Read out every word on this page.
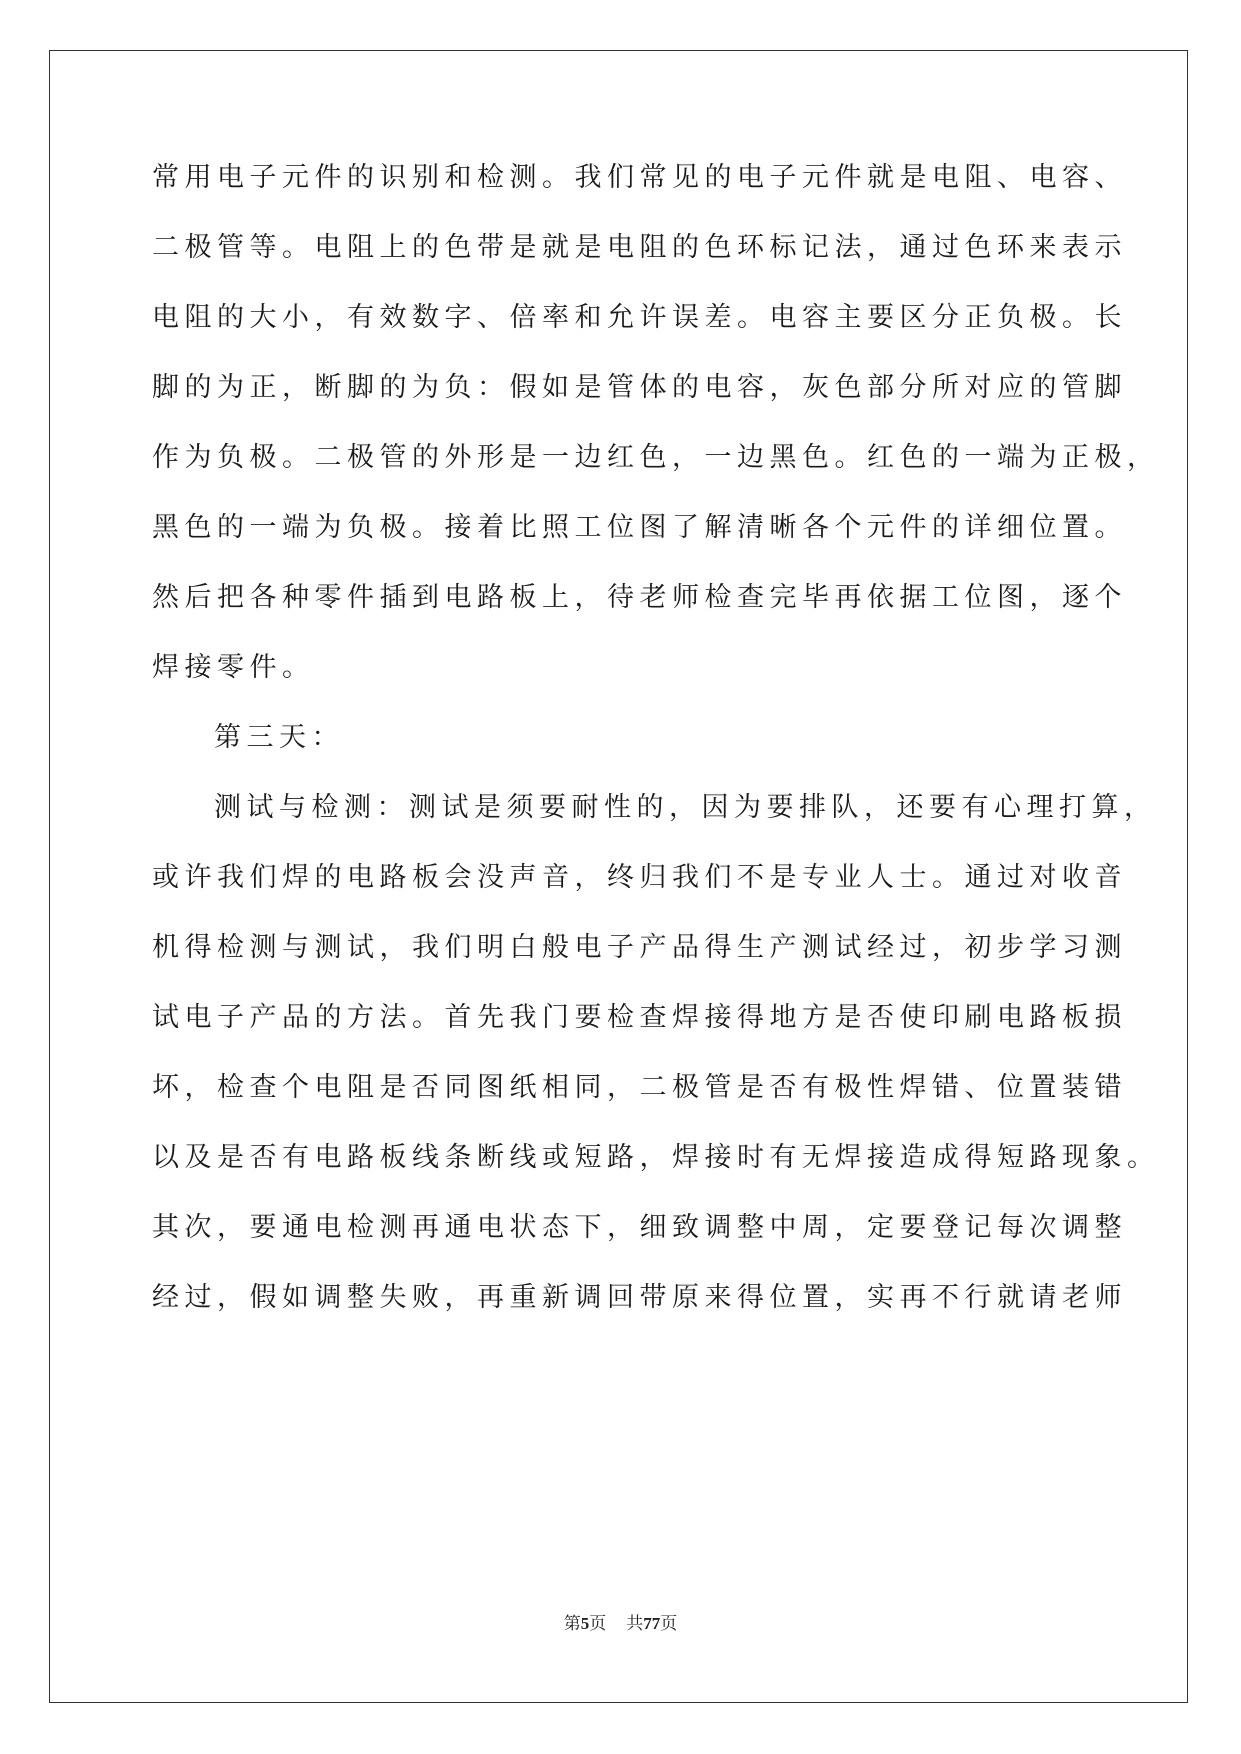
常用电子元件的识别和检测。我们常见的电子元件就是电阻、电容、
二极管等。电阻上的色带是就是电阻的色环标记法，通过色环来表示
电阻的大小，有效数字、倍率和允许误差。电容主要区分正负极。长
脚的为正，断脚的为负：假如是管体的电容，灰色部分所对应的管脚
作为负极。二极管的外形是一边红色，一边黑色。红色的一端为正极，
黑色的一端为负极。接着比照工位图了解清晰各个元件的详细位置。
然后把各种零件插到电路板上，待老师检查完毕再依据工位图，逐个
焊接零件。
第三天：
测试与检测：测试是须要耐性的，因为要排队，还要有心理打算，
或许我们焊的电路板会没声音，终归我们不是专业人士。通过对收音
机得检测与测试，我们明白般电子产品得生产测试经过，初步学习测
试电子产品的方法。首先我门要检查焊接得地方是否使印刷电路板损
坏，检查个电阻是否同图纸相同，二极管是否有极性焊错、位置装错
以及是否有电路板线条断线或短路，焊接时有无焊接造成得短路现象。
其次，要通电检测再通电状态下，细致调整中周，定要登记每次调整
经过，假如调整失败，再重新调回带原来得位置，实再不行就请老师
第5页 共77页
